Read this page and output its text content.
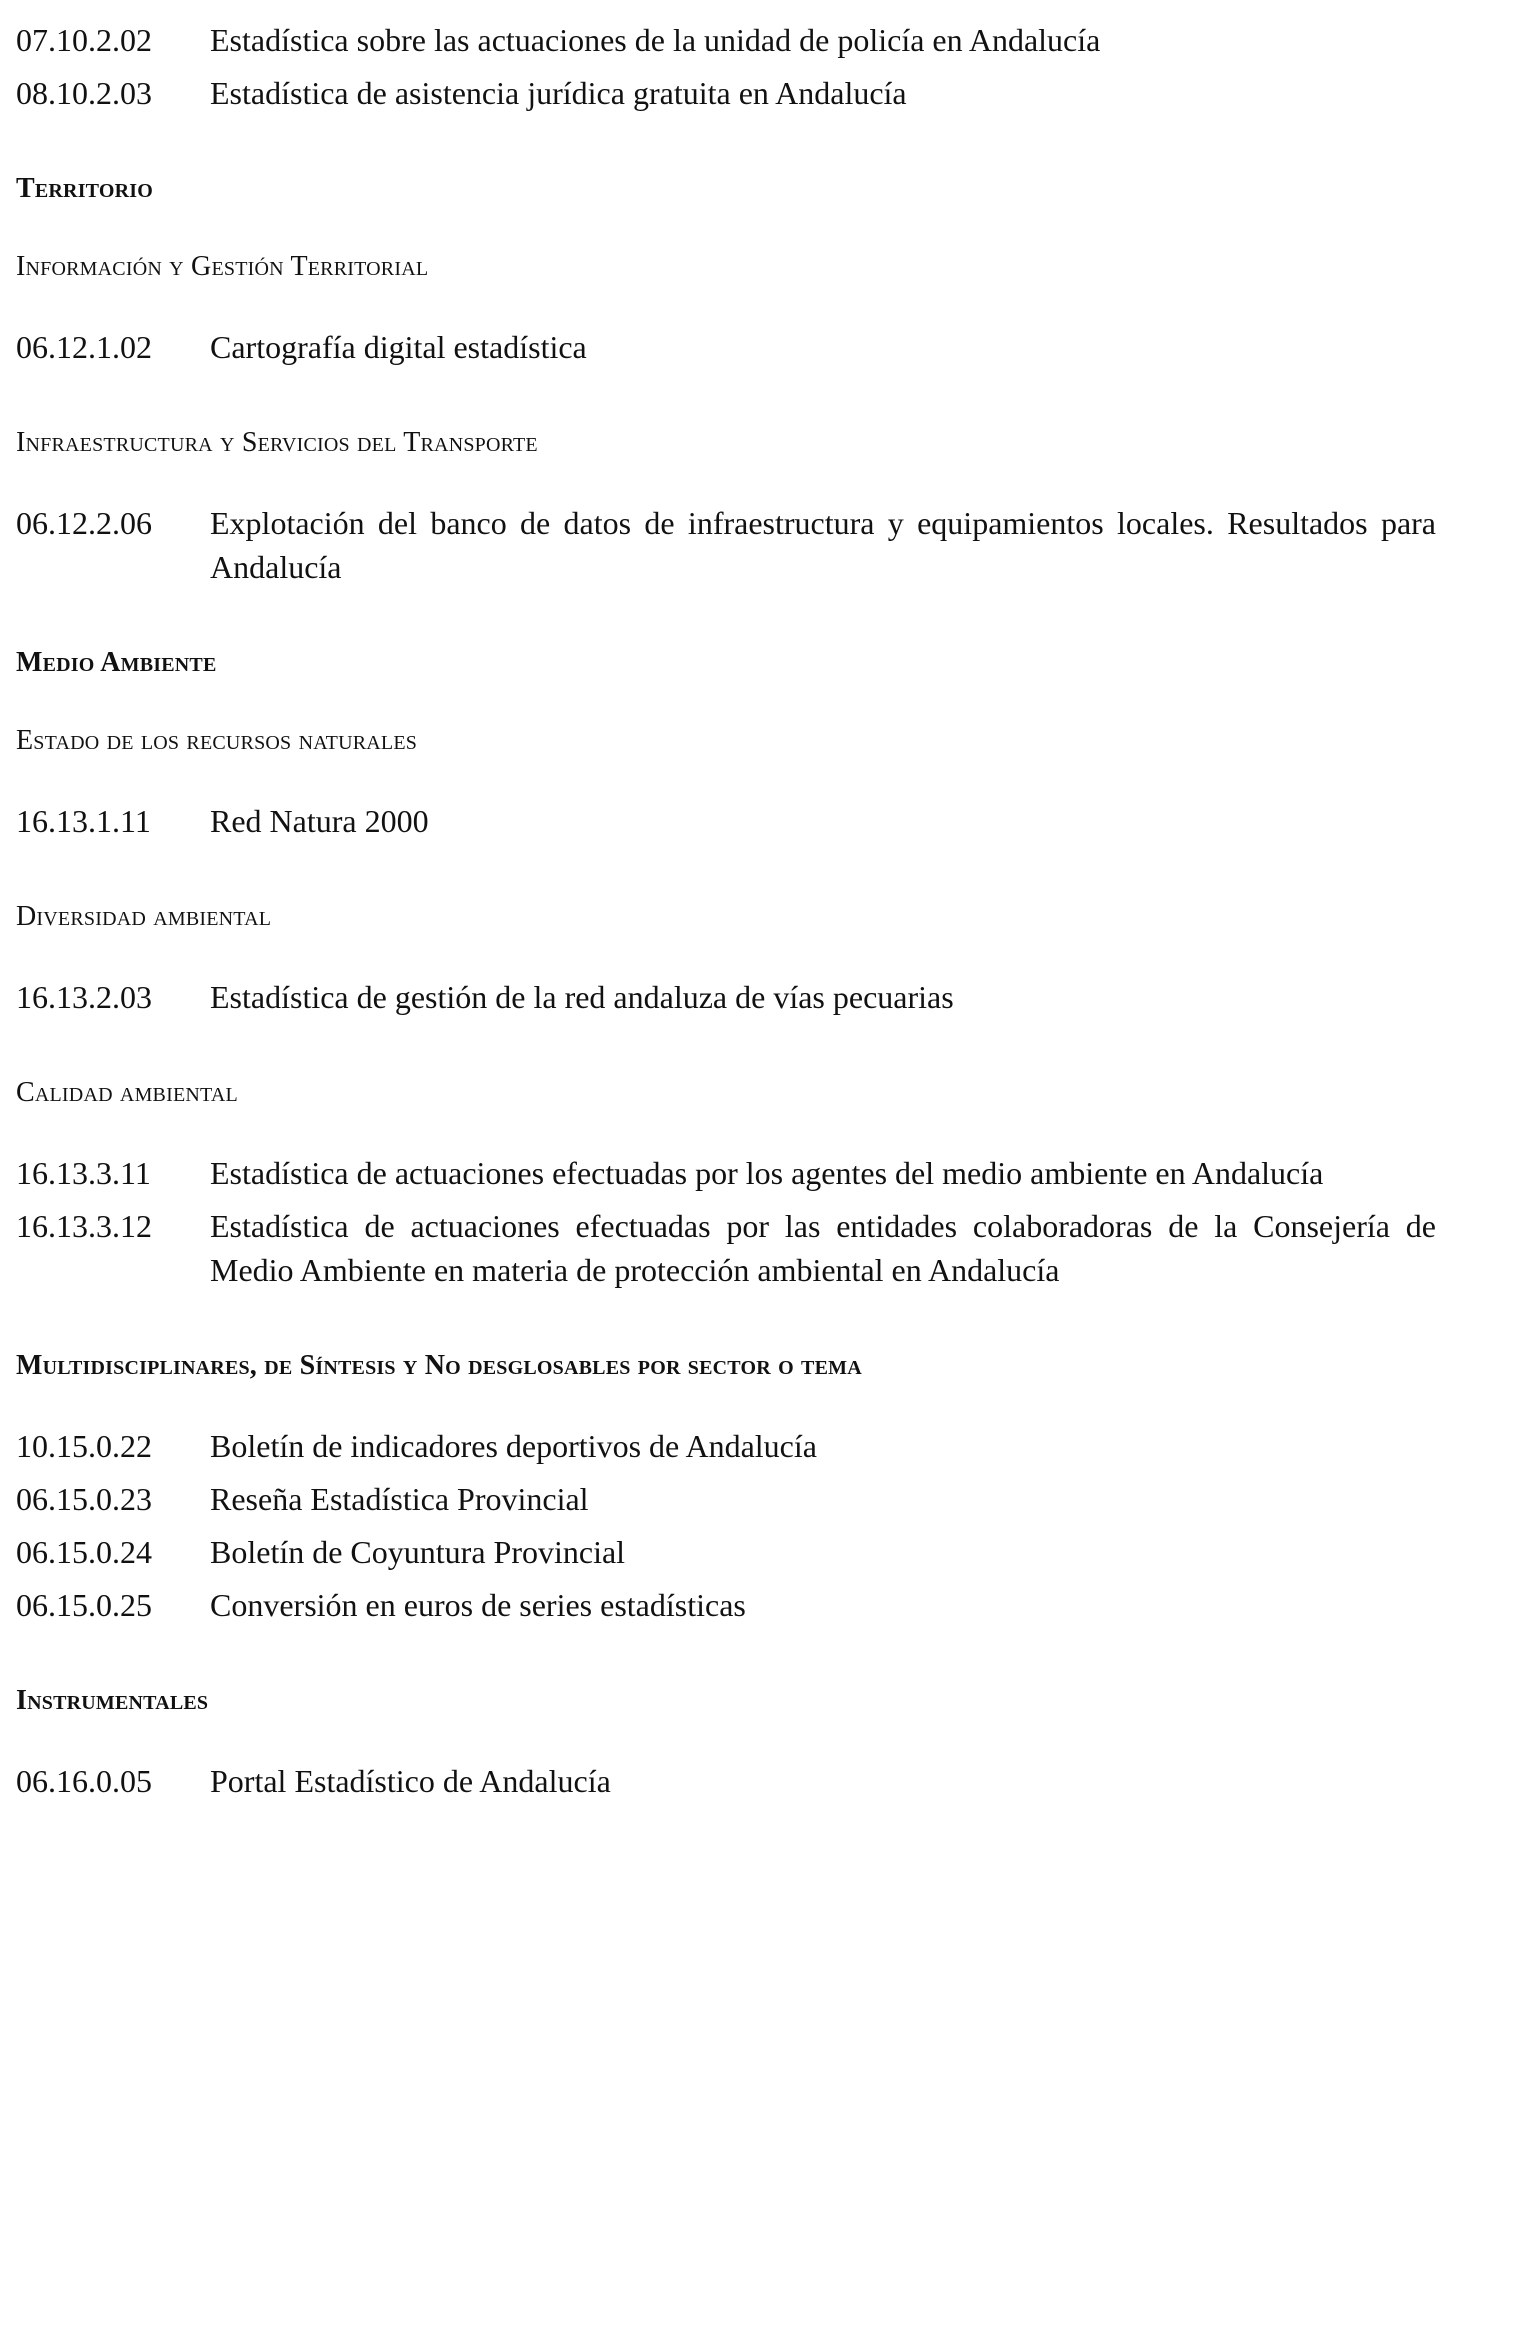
07.10.2.02	Estadística sobre las actuaciones de la unidad de policía en Andalucía
08.10.2.03	Estadística de asistencia jurídica gratuita en Andalucía
Territorio
Información y Gestión Territorial
06.12.1.02	Cartografía digital estadística
Infraestructura y Servicios del Transporte
06.12.2.06	Explotación del banco de datos de infraestructura y equipamientos locales. Resultados para Andalucía
Medio Ambiente
Estado de los recursos naturales
16.13.1.11	Red Natura 2000
Diversidad ambiental
16.13.2.03	Estadística de gestión de la red andaluza de vías pecuarias
Calidad ambiental
16.13.3.11	Estadística de actuaciones efectuadas por los agentes del medio ambiente en Andalucía
16.13.3.12	Estadística de actuaciones efectuadas por las entidades colaboradoras de la Consejería de Medio Ambiente en materia de protección ambiental en Andalucía
Multidisciplinares, de Síntesis y No desglosables por sector o tema
10.15.0.22	Boletín de indicadores deportivos de Andalucía
06.15.0.23	Reseña Estadística Provincial
06.15.0.24	Boletín de Coyuntura Provincial
06.15.0.25	Conversión en euros de series estadísticas
Instrumentales
06.16.0.05	Portal Estadístico de Andalucía
